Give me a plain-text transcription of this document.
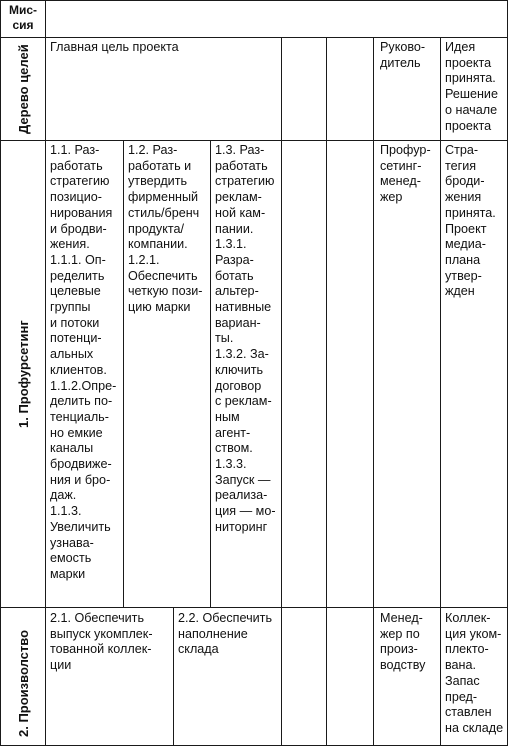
Мис-
сия
Дерево целей Главная цель проекта	Руково-
дитель
Идея
проекта
принята.
Решение
о начале
проекта
1. Профурсетинг
1.1. Раз-
работать
стратегию
позицио-
нирования
и бродви-
жения.
1.1.1. Оп-
ределить
целевые
группы
и потоки
потенци-
альных
клиентов.
1.1.2.Опре-
делить по-
тенциаль-
но емкие
каналы
бродвиже-
ния и бро-
даж.
1.1.3.
Увеличить
узнава-
емость
марки
1.2. Раз-
работать и
утвердить
фирменный
стиль/бренч
продукта/
компании.
1.2.1.
Обеспечить
четкую пози-
цию марки
1.3. Раз-
работать
стратегию
реклам-
ной кам-
пании.
1.3.1.
Разра-
ботать
альтер-
нативные
вариан-
ты.
1.3.2. За-
ключить
договор
с реклам-
ным
агент-
ством.
1.3.3.
Запуск —
реализа-
ция — мо-
ниторинг
Профур-
сетинг-
менед-
жер
Стра-
тегия
броди-
жения
принята.
Проект
медиа-
плана
утвер-
жден
2. Произволство
2.1. Обеспечить
выпуск укомплек-
тованной коллек-
ции
2.2. Обеспечить
наполнение
склада
Менед-
жер по
произ-
водству
Коллек-
ция уком-
плекто-
вана.
Запас
пред-
ставлен
на складе
